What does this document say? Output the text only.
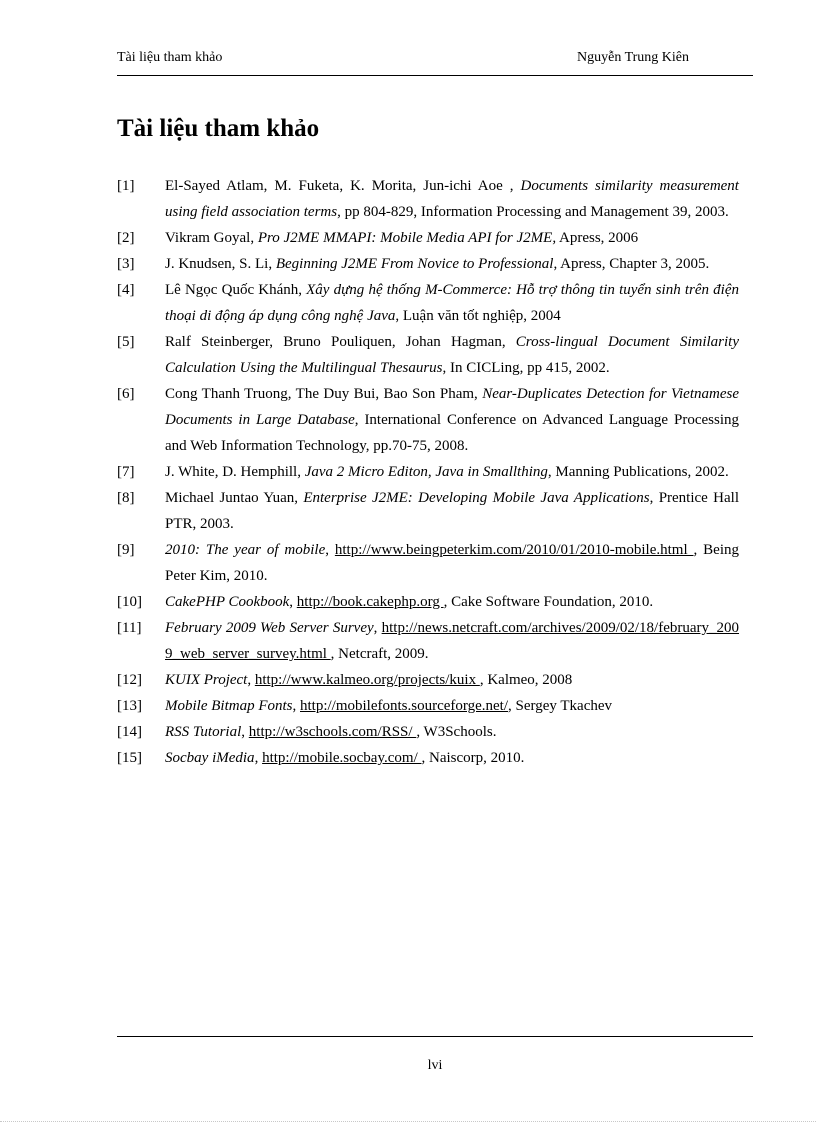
Tài liệu tham khảo	Nguyễn Trung Kiên
Tài liệu tham khảo
[1] El-Sayed Atlam, M. Fuketa, K. Morita, Jun-ichi Aoe , Documents similarity measurement using field association terms, pp 804-829, Information Processing and Management 39, 2003.
[2] Vikram Goyal, Pro J2ME MMAPI: Mobile Media API for J2ME, Apress, 2006
[3] J. Knudsen, S. Li, Beginning J2ME From Novice to Professional, Apress, Chapter 3, 2005.
[4] Lê Ngọc Quốc Khánh, Xây dựng hệ thống M-Commerce: Hỗ trợ thông tin tuyển sinh trên điện thoại di động áp dụng công nghệ Java, Luận văn tốt nghiệp, 2004
[5] Ralf Steinberger, Bruno Pouliquen, Johan Hagman, Cross-lingual Document Similarity Calculation Using the Multilingual Thesaurus, In CICLing, pp 415, 2002.
[6] Cong Thanh Truong, The Duy Bui, Bao Son Pham, Near-Duplicates Detection for Vietnamese Documents in Large Database, International Conference on Advanced Language Processing and Web Information Technology, pp.70-75, 2008.
[7] J. White, D. Hemphill, Java 2 Micro Editon, Java in Smallthing, Manning Publications, 2002.
[8] Michael Juntao Yuan, Enterprise J2ME: Developing Mobile Java Applications, Prentice Hall PTR, 2003.
[9] 2010: The year of mobile, http://www.beingpeterkim.com/2010/01/2010-mobile.html , Being Peter Kim, 2010.
[10] CakePHP Cookbook, http://book.cakephp.org , Cake Software Foundation, 2010.
[11] February 2009 Web Server Survey, http://news.netcraft.com/archives/2009/02/18/february_2009_web_server_survey.html , Netcraft, 2009.
[12] KUIX Project, http://www.kalmeo.org/projects/kuix , Kalmeo, 2008
[13] Mobile Bitmap Fonts, http://mobilefonts.sourceforge.net/, Sergey Tkachev
[14] RSS Tutorial, http://w3schools.com/RSS/ , W3Schools.
[15] Socbay iMedia, http://mobile.socbay.com/ , Naiscorp, 2010.
lvi
